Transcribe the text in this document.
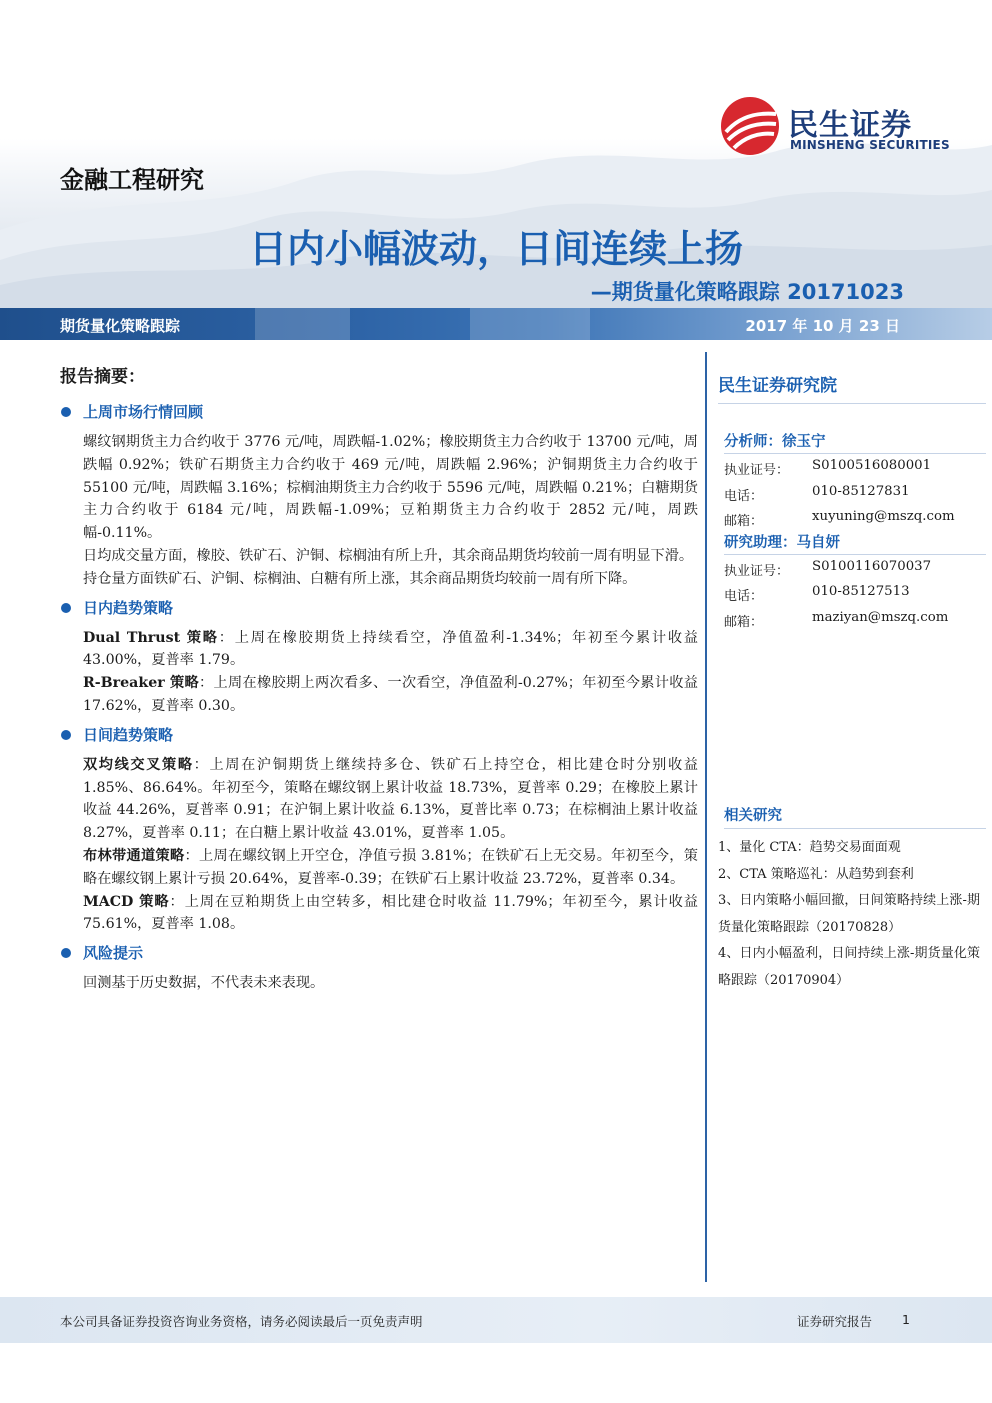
民生证券
MINSHENG SECURITIES
金融工程研究
日内小幅波动，日间连续上扬
—期货量化策略跟踪 20171023
期货量化策略跟踪	2017 年 10 月 23 日
报告摘要：
上周市场行情回顾

螺纹钢期货主力合约收于 3776 元/吨，周跌幅-1.02%；橡胶期货主力合约收于 13700 元/吨，周跌幅 0.92%；铁矿石期货主力合约收于 469 元/吨，周跌幅 2.96%；沪铜期货主力合约收于 55100 元/吨，周跌幅 3.16%；棕榈油期货主力合约收于 5596 元/吨，周跌幅 0.21%；白糖期货主力合约收于 6184 元/吨，周跌幅-1.09%；豆粕期货主力合约收于 2852 元/吨，周跌幅-0.11%。

日均成交量方面，橡胶、铁矿石、沪铜、棕榈油有所上升，其余商品期货均较前一周有明显下滑。

持仓量方面铁矿石、沪铜、棕榈油、白糖有所上涨，其余商品期货均较前一周有所下降。

日内趋势策略

Dual Thrust 策略：上周在橡胶期货上持续看空，净值盈利-1.34%；年初至今累计收益 43.00%，夏普率 1.79。

R-Breaker 策略：上周在橡胶期上两次看多、一次看空，净值盈利-0.27%；年初至今累计收益 17.62%，夏普率 0.30。

日间趋势策略

双均线交叉策略：上周在沪铜期货上继续持多仓、铁矿石上持空仓，相比建仓时分别收益 1.85%、86.64%。年初至今，策略在螺纹钢上累计收益 18.73%，夏普率 0.29；在橡胶上累计收益 44.26%，夏普率 0.91；在沪铜上累计收益 6.13%，夏普比率 0.73；在棕榈油上累计收益 8.27%，夏普率 0.11；在白糖上累计收益 43.01%，夏普率 1.05。

布林带通道策略：上周在螺纹钢上开空仓，净值亏损 3.81%；在铁矿石上无交易。年初至今，策略在螺纹钢上累计亏损 20.64%，夏普率-0.39；在铁矿石上累计收益 23.72%，夏普率 0.34。

MACD 策略：上周在豆粕期货上由空转多，相比建仓时收益 11.79%；年初至今，累计收益 75.61%，夏普率 1.08。

风险提示

回测基于历史数据，不代表未来表现。

民生证券研究院
分析师：徐玉宁
执业证号： S0100516080001
电话：	010-85127831
邮箱：	xuyuning@mszq.com
研究助理：马自妍
执业证号： S0100116070037
电话：	010-85127513
邮箱：	maziyan@mszq.com
相关研究
1、量化 CTA：趋势交易面面观
2、CTA 策略巡礼：从趋势到套利
3、日内策略小幅回撤，日间策略持续上涨-期货量化策略跟踪（20170828）
4、日内小幅盈利，日间持续上涨-期货量化策略跟踪（20170904）
本公司具备证券投资咨询业务资格，请务必阅读最后一页免责声明	证券研究报告 1
